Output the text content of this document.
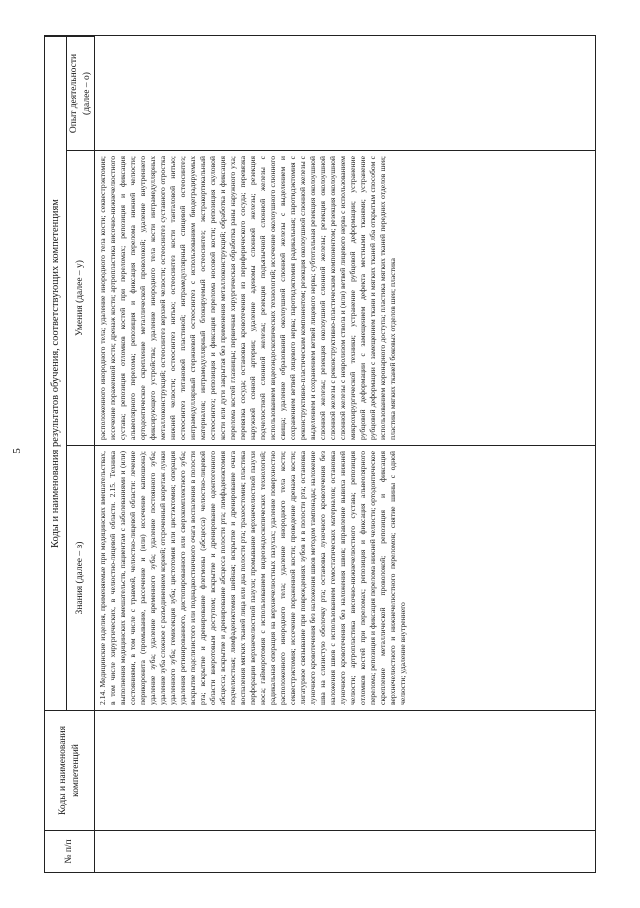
5
№ п/п
Коды и наименования компетенций
Коды и наименования результатов обучения, соответствующих компетенциям
Знания (далее – з)
Умения (далее – у)
Опыт деятельности (далее – о)

2.14. Медицинские изделия, применяемые при медицинских вмешательствах, в том числе хирургических, в челюстно-лицевой области. 2.15. Техника выполнения медицинских вмешательств, пациентам с заболеваниями и (или) состояниями, в том числе с травмой, челюстно-лицевой области: лечение перикоронита (промывание, рассечение и (или) иссечение капюшона); удаление зуба; удаление временного зуба; удаление постоянного зуба; удаление зуба сложное с разъединением корней; отсроченный кюретаж лунки удаленного зуба; гемисекция зуба; цистотомия или цистэктомия; операция удаления ретинированного, дистопированного или сверхкомплектного зуба; вскрытие подслизистого или поднадкостничного очага воспаления в полости рта; вскрытие и дренирование флегмоны (абсцесса) челюстно-лицевой области внеротовым доступом; вскрытие и дренирование одонтогенного абсцесса; вскрытие и дренирование абсцесса полости рта; лимфаденэктомия подчелюстная; лимфаденэктомия шейная; вскрытие и дренирование очага воспаления мягких тканей лица или дна полости рта; трахеостомия; пластика перфорации верхнечелюстной пазухи; промывание верхнечелюстной пазухи носа; гайморотомия с использованием видеоэндоскопических технологий; радикальная операция на верхнечелюстных пазухах; удаление поверхностно расположенного инородного тела; удаление инородного тела кости; секвестрэктомия; иссечение пораженной кости; проведение дренажа кости; лигатурное связывание при повреждениях зубов и в полости рта; остановка луночного кровотечения без наложения швов методом тампонады; наложение шва на слизистую оболочку рта; остановка луночного кровотечения без наложения швов с использованием гемостатических материалов; остановка луночного кровотечения без наложения швов; вправление вывиха нижней челюсти; артропластика височно-нижнечелюстного сустава; репозиция отломков костей при переломах; репозиция и фиксация альвеолярного перелома; репозиция и фиксация перелома нижней челюсти; ортодонтическое скрепление металлической проволокой; репозиция и фиксация верхнечелюстного и нижнечелюстного переломов; снятие шины с одной челюсти; удаление внутреннего

расположенного инородного тела; удаление инородного тела кости; секвестрэктомия; иссечение пораженной кости; дренаж кости; артропластика височно-нижнечелюстного сустава; репозиция отломков костей при переломах; репозиция и фиксация альвеолярного перелома; репозиция и фиксация перелома нижней челюсти; ортодонтическое скрепление металлической проволокой; удаление внутреннего фиксирующего устройства; удаление инородного тела кости интрамедуллярных металлоконструкций; остеосинтез верхней челюсти; остеосинтез суставного отростка нижней челюсти; остеосинтез нитью; остеосинтез кости танталовой нитью; остеосинтез титановой пластиной; интрамедуллярный спицевой остеосинтез; интрамедуллярный стержневой остеосинтез с использованием биодеградируемых материалов; интрамедуллярный блокируемый остеосинтез; экстракортикальный остеосинтез; репозиция и фиксация перелома носовой кости; репозиция скуловой кости или дуги закрытая без применения металлоконструкций; обработка и фиксация перелома костей глазницы; первичная хирургическая обработка раны наружного уха; перевязка сосуда; остановка кровотечения из периферического сосуда; перевязка наружной сонной артерии; удаление аденомы слюнной железы; резекция подчелюстной слюнной железы; резекция подъязычной слюнной железы с использованием видеоэндоскопических технологий; иссечение околоушного слюнного свища; удаление образований околоушной слюнной железы с выделением и сохранением ветвей лицевого нерва; паротидэктомия радикальная; паротидэктомия с реконструктивно-пластическим компонентом; резекция околоушной слюнной железы с выделением и сохранением ветвей лицевого нерва; субтотальная резекция околоушной слюнной железы; резекция околоушной слюнной железы; резекция околоушной слюнной железы с реконструктивно-пластическим компонентом; резекция околоушной слюнной железы с невролизом ствола и (или) ветвей лицевого нерва с использованием микрохирургической техники; устранение рубцовой деформации; устранение рубцовой деформации с замещением дефекта местными тканями; устранение рубцовой деформации с замещением ткани и мягких тканей лба открытым способом с использованием коронарного доступа; пластика мягких тканей передних отделов шеи; пластика мягких тканей боковых отделов шеи; пластика
